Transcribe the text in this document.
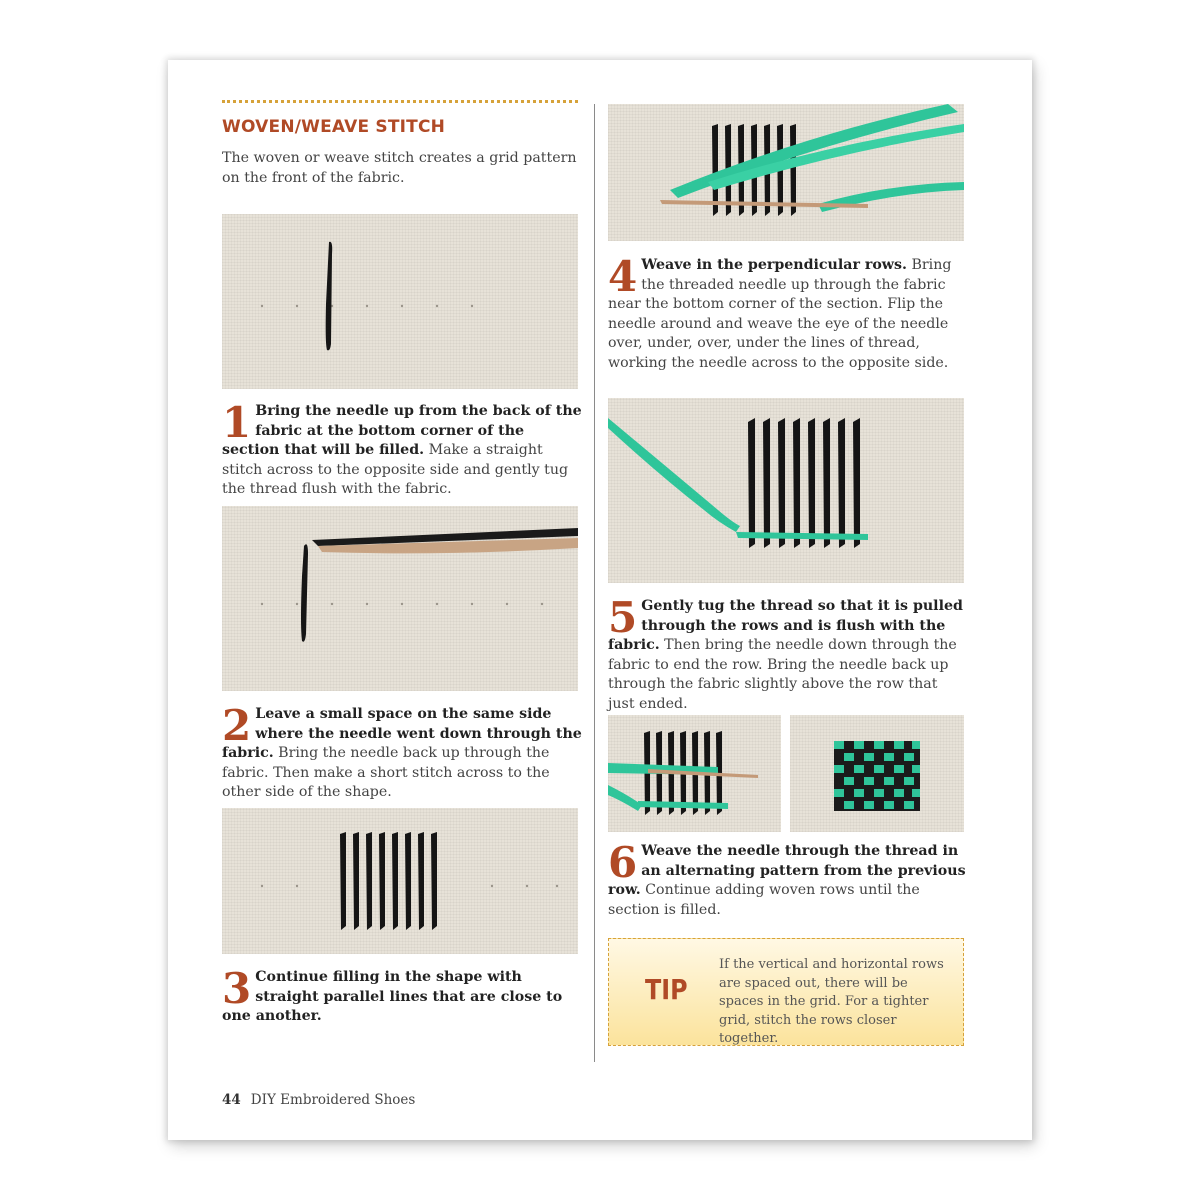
WOVEN/WEAVE STITCH
The woven or weave stitch creates a grid pattern on the front of the fabric.
1 Bring the needle up from the back of the fabric at the bottom corner of the section that will be filled. Make a straight stitch across to the opposite side and gently tug the thread flush with the fabric.
2 Leave a small space on the same side where the needle went down through the fabric. Bring the needle back up through the fabric. Then make a short stitch across to the other side of the shape.
3 Continue filling in the shape with straight parallel lines that are close to one another.
4 Weave in the perpendicular rows. Bring the threaded needle up through the fabric near the bottom corner of the section. Flip the needle around and weave the eye of the needle over, under, over, under the lines of thread, working the needle across to the opposite side.
5 Gently tug the thread so that it is pulled through the rows and is flush with the fabric. Then bring the needle down through the fabric to end the row. Bring the needle back up through the fabric slightly above the row that just ended.
6 Weave the needle through the thread in an alternating pattern from the previous row. Continue adding woven rows until the section is filled.
TIP
If the vertical and horizontal rows are spaced out, there will be spaces in the grid. For a tighter grid, stitch the rows closer together.
44 DIY Embroidered Shoes
